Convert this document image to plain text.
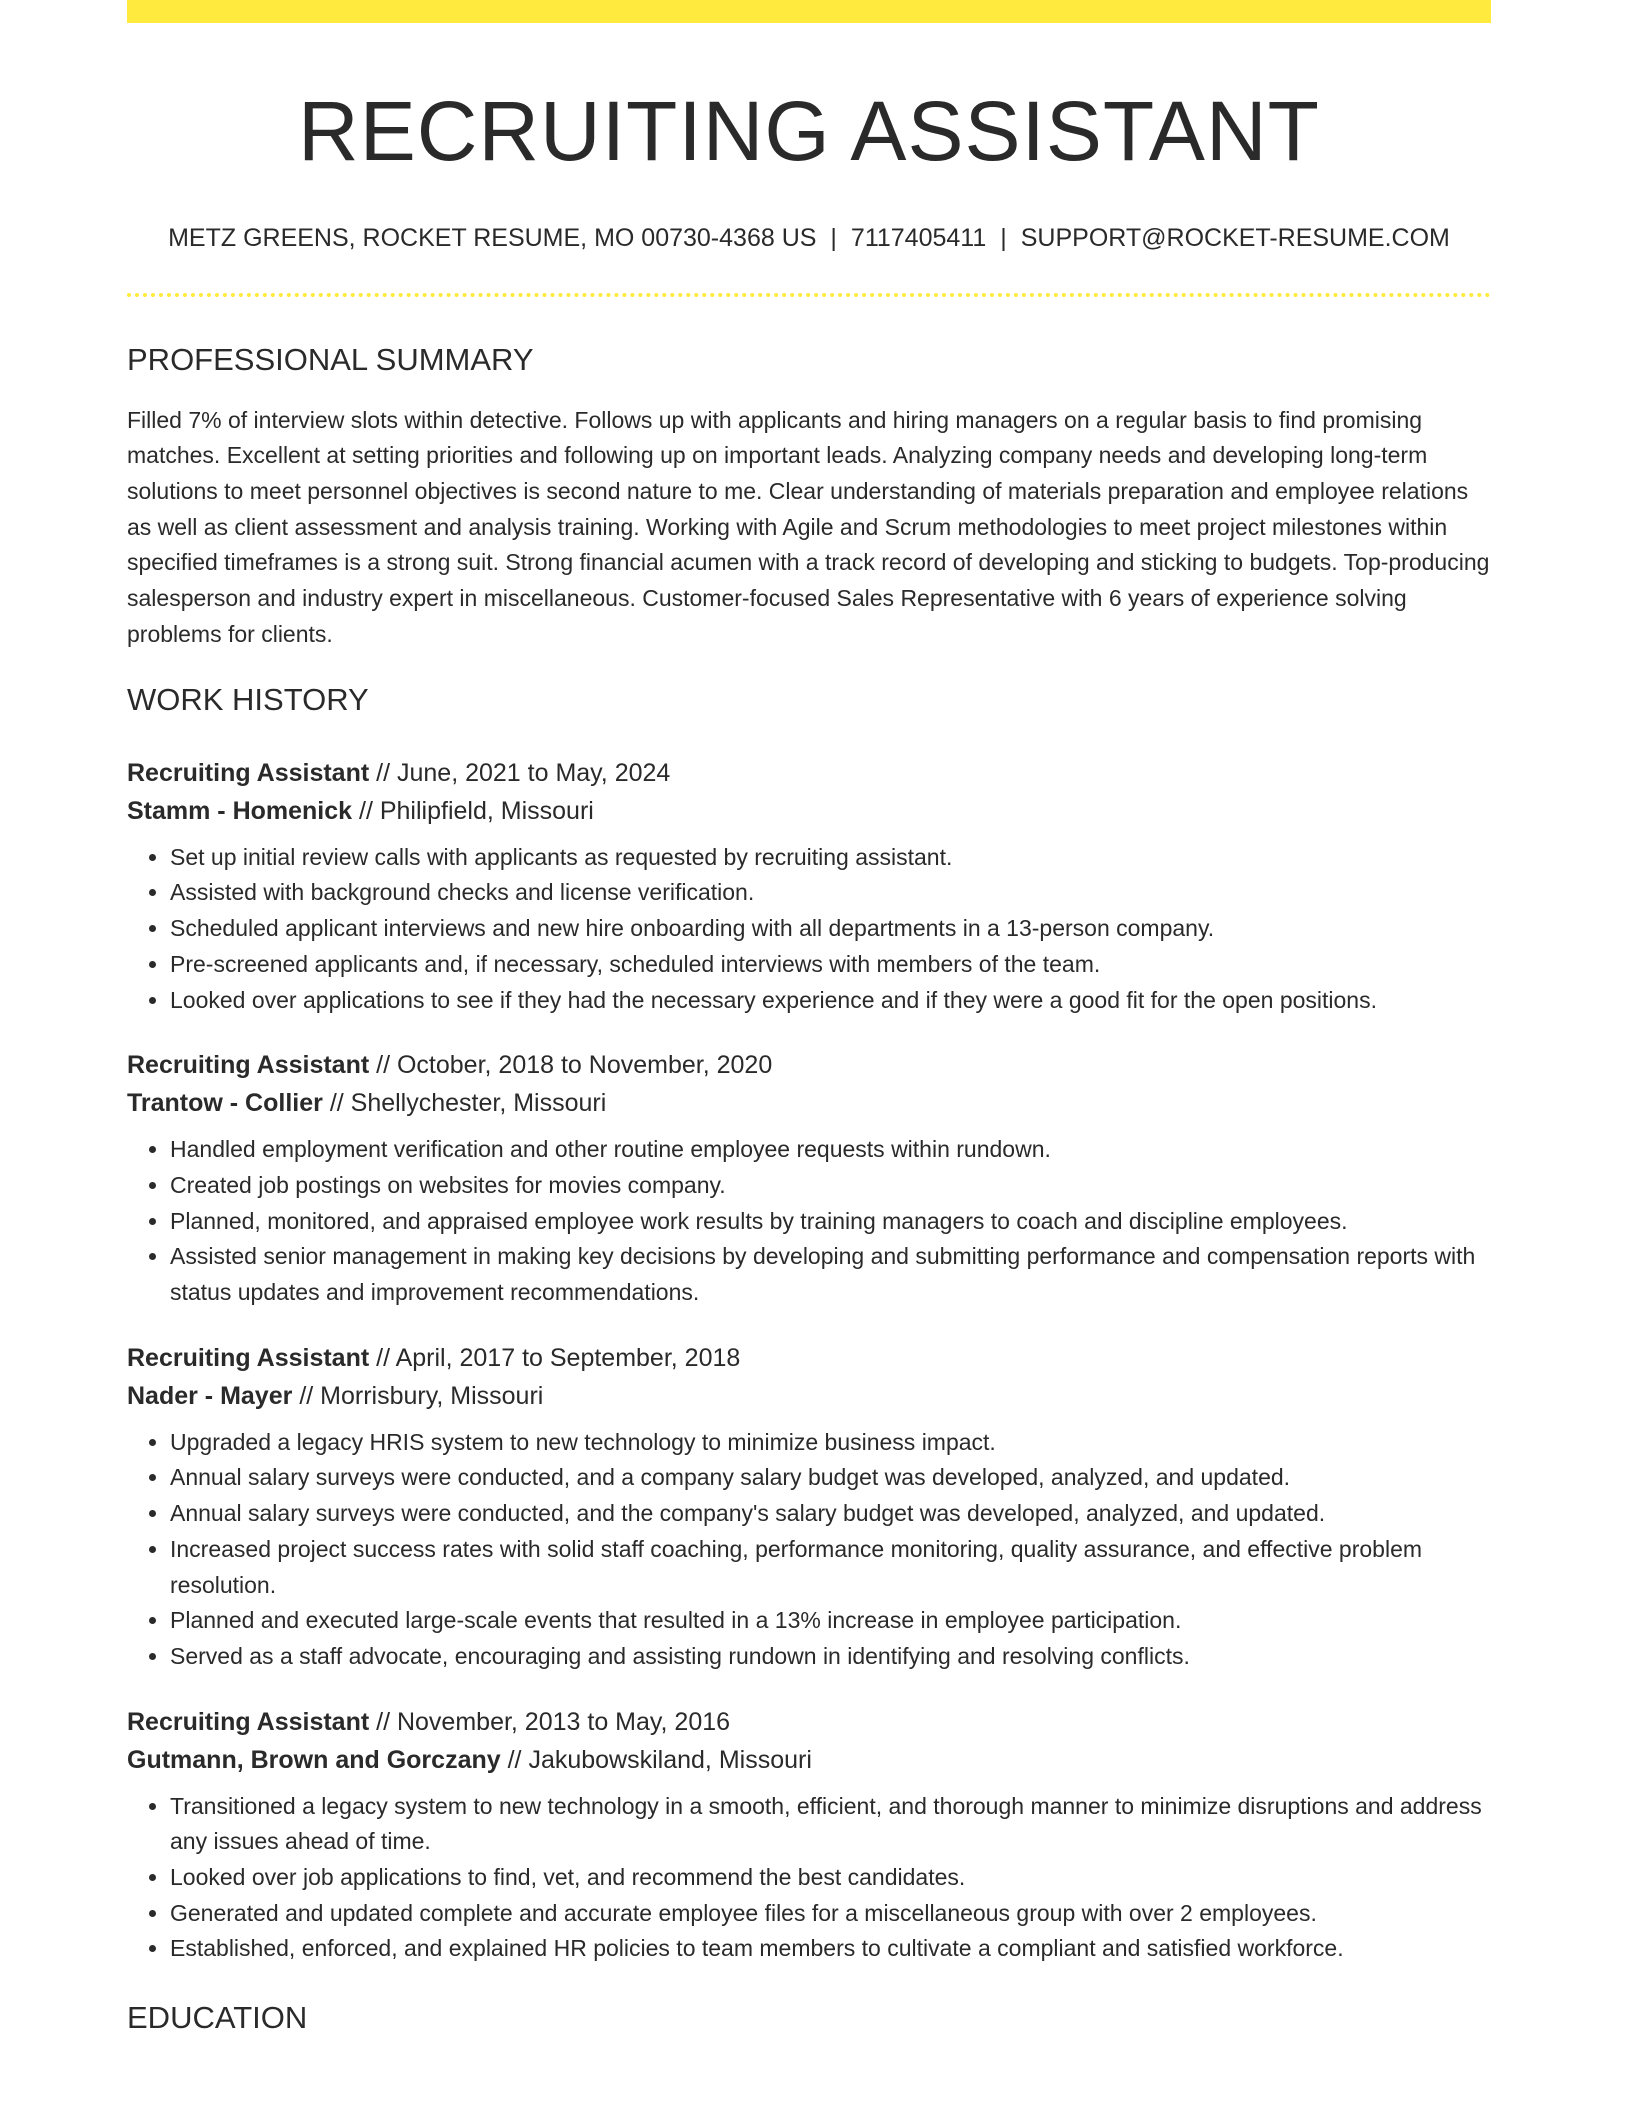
RECRUITING ASSISTANT
METZ GREENS, ROCKET RESUME, MO 00730-4368 US | 7117405411 | SUPPORT@ROCKET-RESUME.COM
PROFESSIONAL SUMMARY
Filled 7% of interview slots within detective. Follows up with applicants and hiring managers on a regular basis to find promising matches. Excellent at setting priorities and following up on important leads. Analyzing company needs and developing long-term solutions to meet personnel objectives is second nature to me. Clear understanding of materials preparation and employee relations as well as client assessment and analysis training. Working with Agile and Scrum methodologies to meet project milestones within specified timeframes is a strong suit. Strong financial acumen with a track record of developing and sticking to budgets. Top-producing salesperson and industry expert in miscellaneous. Customer-focused Sales Representative with 6 years of experience solving problems for clients.
WORK HISTORY
Recruiting Assistant // June, 2021 to May, 2024
Stamm - Homenick // Philipfield, Missouri
• Set up initial review calls with applicants as requested by recruiting assistant.
• Assisted with background checks and license verification.
• Scheduled applicant interviews and new hire onboarding with all departments in a 13-person company.
• Pre-screened applicants and, if necessary, scheduled interviews with members of the team.
• Looked over applications to see if they had the necessary experience and if they were a good fit for the open positions.
Recruiting Assistant // October, 2018 to November, 2020
Trantow - Collier // Shellychester, Missouri
• Handled employment verification and other routine employee requests within rundown.
• Created job postings on websites for movies company.
• Planned, monitored, and appraised employee work results by training managers to coach and discipline employees.
• Assisted senior management in making key decisions by developing and submitting performance and compensation reports with status updates and improvement recommendations.
Recruiting Assistant // April, 2017 to September, 2018
Nader - Mayer // Morrisbury, Missouri
• Upgraded a legacy HRIS system to new technology to minimize business impact.
• Annual salary surveys were conducted, and a company salary budget was developed, analyzed, and updated.
• Annual salary surveys were conducted, and the company's salary budget was developed, analyzed, and updated.
• Increased project success rates with solid staff coaching, performance monitoring, quality assurance, and effective problem resolution.
• Planned and executed large-scale events that resulted in a 13% increase in employee participation.
• Served as a staff advocate, encouraging and assisting rundown in identifying and resolving conflicts.
Recruiting Assistant // November, 2013 to May, 2016
Gutmann, Brown and Gorczany // Jakubowskiland, Missouri
• Transitioned a legacy system to new technology in a smooth, efficient, and thorough manner to minimize disruptions and address any issues ahead of time.
• Looked over job applications to find, vet, and recommend the best candidates.
• Generated and updated complete and accurate employee files for a miscellaneous group with over 2 employees.
• Established, enforced, and explained HR policies to team members to cultivate a compliant and satisfied workforce.
EDUCATION
